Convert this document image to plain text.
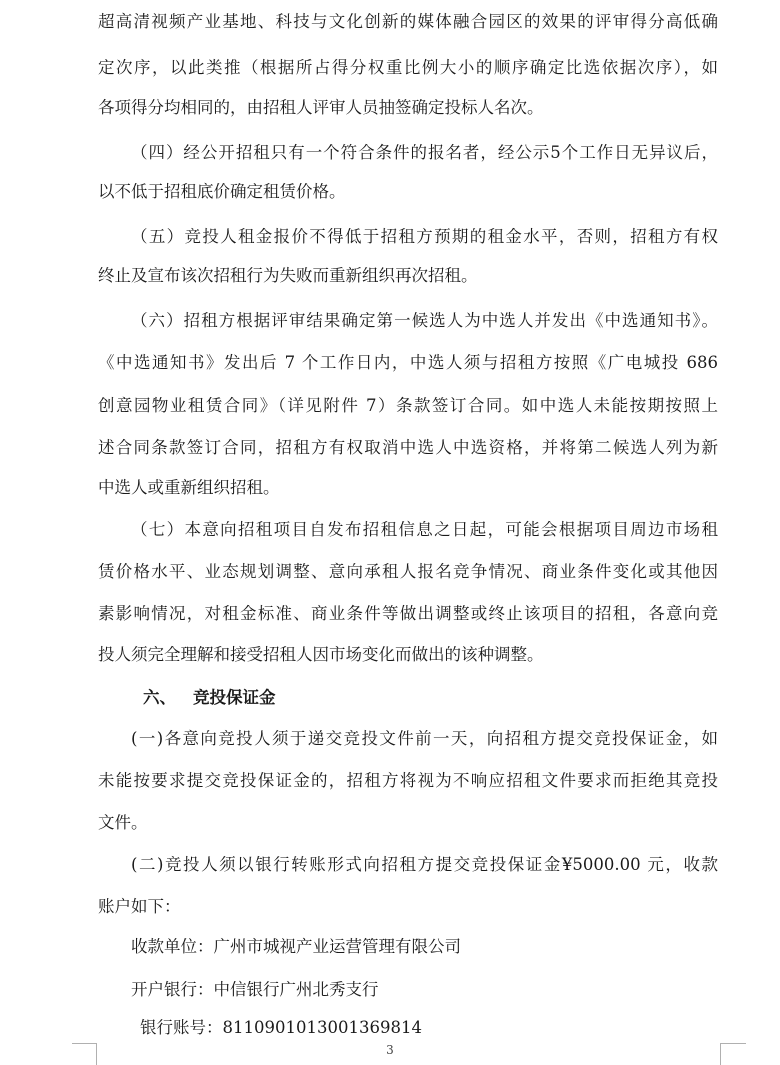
超高清视频产业基地、科技与文化创新的媒体融合园区的效果的评审得分高低确

定次序，以此类推（根据所占得分权重比例大小的顺序确定比选依据次序），如

各项得分均相同的，由招租人评审人员抽签确定投标人名次。

（四）经公开招租只有一个符合条件的报名者，经公示5个工作日无异议后，

以不低于招租底价确定租赁价格。

（五）竞投人租金报价不得低于招租方预期的租金水平，否则，招租方有权

终止及宣布该次招租行为失败而重新组织再次招租。

（六）招租方根据评审结果确定第一候选人为中选人并发出《中选通知书》。

《中选通知书》发出后 7 个工作日内，中选人须与招租方按照《广电城投 686

创意园物业租赁合同》（详见附件 7）条款签订合同。如中选人未能按期按照上

述合同条款签订合同，招租方有权取消中选人中选资格，并将第二候选人列为新

中选人或重新组织招租。

（七）本意向招租项目自发布招租信息之日起，可能会根据项目周边市场租

赁价格水平、业态规划调整、意向承租人报名竞争情况、商业条件变化或其他因

素影响情况，对租金标准、商业条件等做出调整或终止该项目的招租，各意向竞

投人须完全理解和接受招租人因市场变化而做出的该种调整。

六、 竞投保证金

(一)各意向竞投人须于递交竞投文件前一天，向招租方提交竞投保证金，如

未能按要求提交竞投保证金的，招租方将视为不响应招租文件要求而拒绝其竞投

文件。

(二)竞投人须以银行转账形式向招租方提交竞投保证金¥5000.00 元，收款

账户如下：

收款单位：广州市城视产业运营管理有限公司

开户银行：中信银行广州北秀支行

银行账号：8110901013001369814

3
